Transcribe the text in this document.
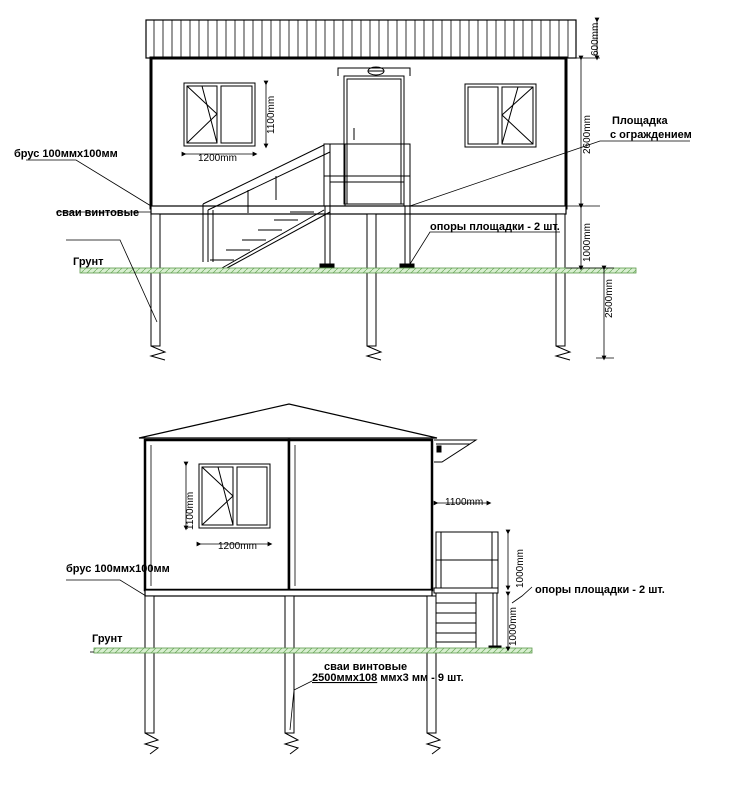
600mm
1100mm
1200mm
2600mm
1000mm
2500mm
брус 100ммх100мм
сваи винтовые
Грунт
Площадка
с ограждением
опоры площадки - 2 шт.
1100mm
1200mm
1100mm
1000mm
1000mm
брус 100ммх100мм
Грунт
сваи винтовые
2500ммх108 ммх3 мм - 9 шт.
опоры площадки - 2 шт.
